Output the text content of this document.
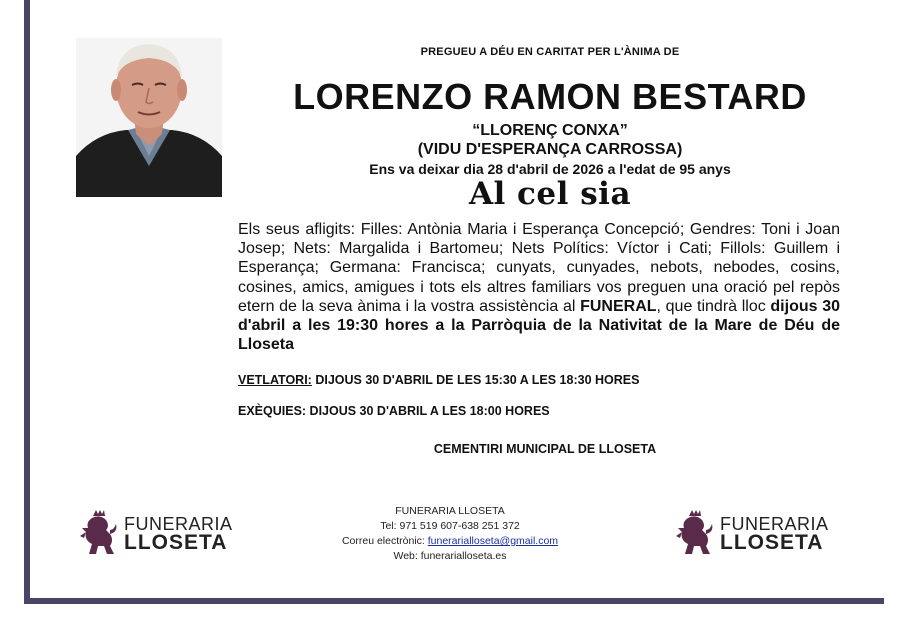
PREGUEU A DÉU EN CARITAT PER L'ÀNIMA DE
LORENZO RAMON BESTARD
“LLORENÇ CONXA”
(VIDU D'ESPERANÇA CARROSSA)
Ens va deixar dia 28 d'abril de 2026 a l'edat de 95 anys
Al cel sia
Els seus afligits: Filles: Antònia Maria i Esperança Concepció; Gendres: Toni i Joan Josep; Nets: Margalida i Bartomeu; Nets Polítics: Víctor i Cati; Fillols: Guillem i Esperança; Germana: Francisca; cunyats, cunyades, nebots, nebodes, cosins, cosines, amics, amigues i tots els altres familiars vos preguen una oració pel repòs etern de la seva ànima i la vostra assistència al FUNERAL, que tindrà lloc dijous 30 d'abril a les 19:30 hores a la Parròquia de la Nativitat de la Mare de Déu de Lloseta
VETLATORI: DIJOUS 30 D'ABRIL DE LES 15:30 A LES 18:30 HORES
EXÈQUIES: DIJOUS 30 D'ABRIL A LES 18:00 HORES
CEMENTIRI MUNICIPAL DE LLOSETA
FUNERARIA
LLOSETA
FUNERARIA LLOSETA
Tel: 971 519 607-638 251 372
Correu electrònic: funerarialloseta@gmail.com
Web: funerarialloseta.es
FUNERARIA
LLOSETA
